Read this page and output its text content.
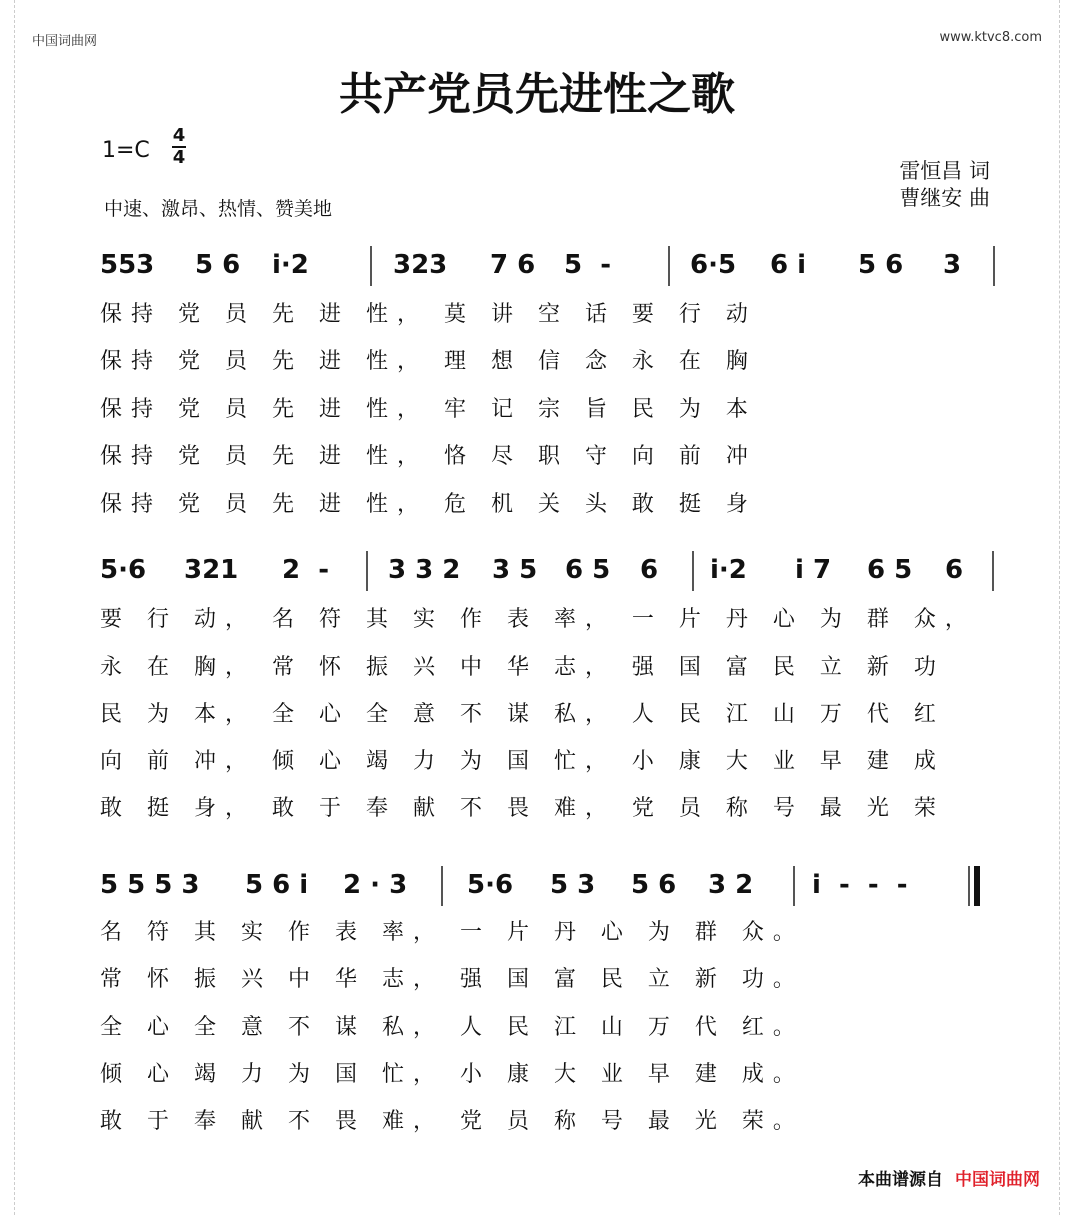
中国词曲网	www.ktvc8.com
共产党员先进性之歌
1=C
4
4
中速、激昂、热情、赞美地
雷恒昌 词
曹继安 曲
553 5 6 i·2	323 7 6 5  -	6·5 6 i 5 6 3
保持 党 员 先 进 性， 莫 讲 空 话 要 行 动
保持 党 员 先 进 性， 理 想 信 念 永 在 胸
保持 党 员 先 进 性， 牢 记 宗 旨 民 为 本
保持 党 员 先 进 性， 恪 尽 职 守 向 前 冲
保持 党 员 先 进 性， 危 机 关 头 敢 挺 身
5·6 321 2  - 3 3 2 3 5 6 5 6 i·2 i 7 6 5 6
要 行 动， 名 符 其 实 作 表 率， 一 片 丹 心 为 群 众，
永 在 胸， 常 怀 振 兴 中 华 志， 强 国 富 民 立 新 功
民 为 本， 全 心 全 意 不 谋 私， 人 民 江 山 万 代 红
向 前 冲， 倾 心 竭 力 为 国 忙， 小 康 大 业 早 建 成
敢 挺 身， 敢 于 奉 献 不 畏 难， 党 员 称 号 最 光 荣
5 5 5 3 5 6 i 2 · 3 5·6 5 3 5 6 3 2 i  -  -  -
名 符 其 实 作 表 率， 一 片 丹 心 为 群 众。
常 怀 振 兴 中 华 志， 强 国 富 民 立 新 功。
全 心 全 意 不 谋 私， 人 民 江 山 万 代 红。
倾 心 竭 力 为 国 忙， 小 康 大 业 早 建 成。
敢 于 奉 献 不 畏 难， 党 员 称 号 最 光 荣。
本曲谱源自 中国词曲网
